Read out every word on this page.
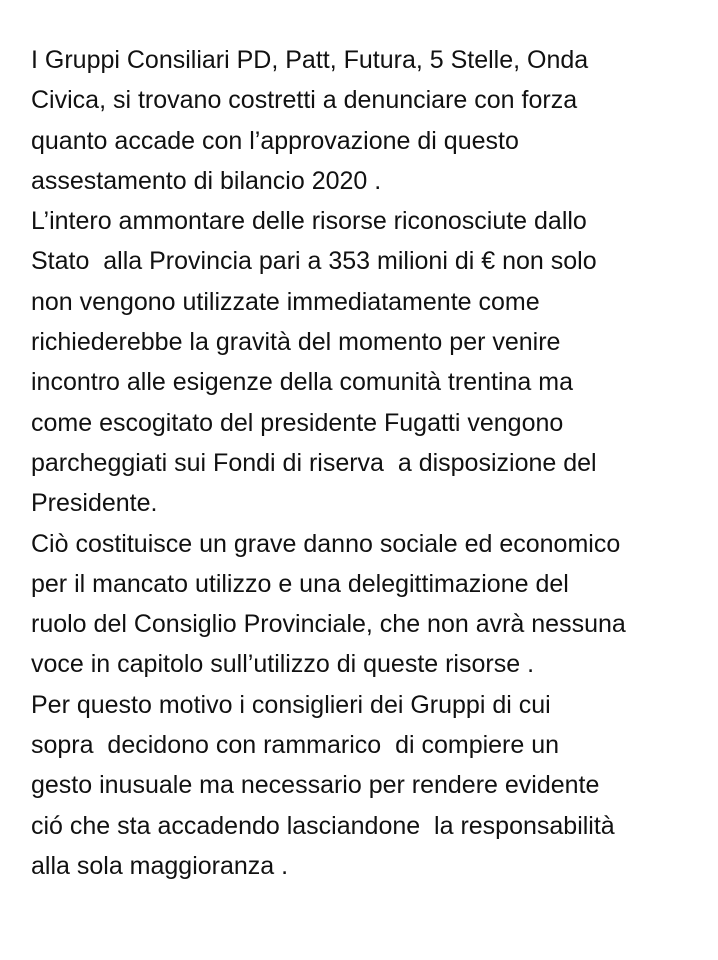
I Gruppi Consiliari PD, Patt, Futura, 5 Stelle, Onda
Civica, si trovano costretti a denunciare con forza
quanto accade con l’approvazione di questo
assestamento di bilancio 2020 .
L’intero ammontare delle risorse riconosciute dallo
Stato  alla Provincia pari a 353 milioni di € non solo
non vengono utilizzate immediatamente come
richiederebbe la gravità del momento per venire
incontro alle esigenze della comunità trentina ma
come escogitato del presidente Fugatti vengono
parcheggiati sui Fondi di riserva  a disposizione del
Presidente.
Ciò costituisce un grave danno sociale ed economico
per il mancato utilizzo e una delegittimazione del
ruolo del Consiglio Provinciale, che non avrà nessuna
voce in capitolo sull’utilizzo di queste risorse .
Per questo motivo i consiglieri dei Gruppi di cui
sopra  decidono con rammarico  di compiere un
gesto inusuale ma necessario per rendere evidente
ció che sta accadendo lasciandone  la responsabilità
alla sola maggioranza .
